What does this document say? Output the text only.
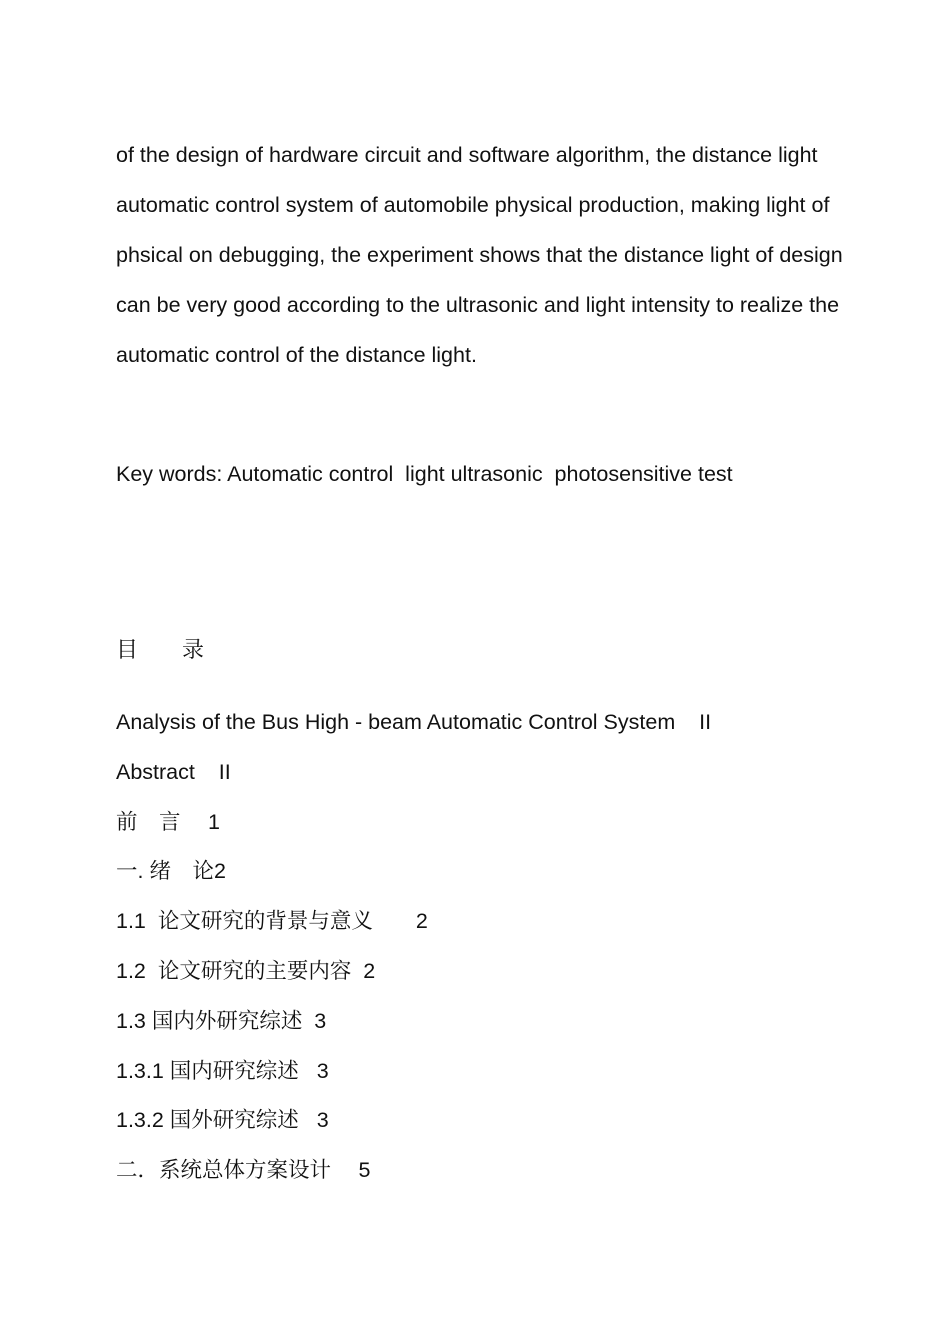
of the design of hardware circuit and software algorithm, the distance light automatic control system of automobile physical production, making light of phsical on debugging, the experiment shows that the distance light of design can be very good according to the ultrasonic and light intensity to realize the automatic control of the distance light.

Key words: Automatic control  light ultrasonic  photosensitive test

目　　录
Analysis of the Bus High - beam Automatic Control System    II
Abstract    II
前　言　 1
一. 绪　论2
1.1  论文研究的背景与意义　　2
1.2  论文研究的主要内容  2
1.3 国内外研究综述  3
1.3.1 国内研究综述   3
1.3.2 国外研究综述   3
二．系统总体方案设计　 5
